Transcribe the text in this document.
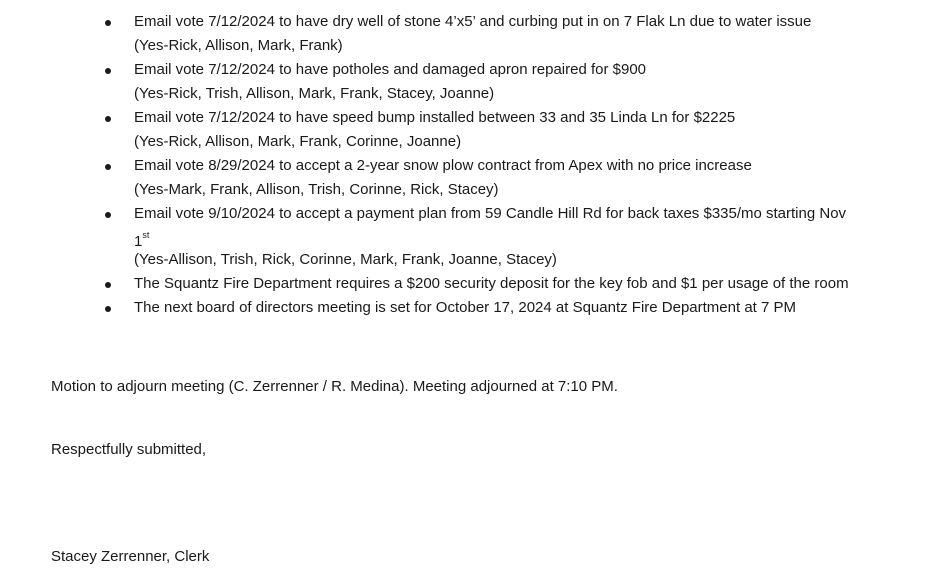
Email vote 7/12/2024 to have dry well of stone 4’x5’ and curbing put in on 7 Flak Ln due to water issue
(Yes-Rick, Allison, Mark, Frank)
Email vote 7/12/2024 to have potholes and damaged apron repaired for $900
(Yes-Rick, Trish, Allison, Mark, Frank, Stacey, Joanne)
Email vote 7/12/2024 to have speed bump installed between 33 and 35 Linda Ln for $2225
(Yes-Rick, Allison, Mark, Frank, Corinne, Joanne)
Email vote 8/29/2024 to accept a 2-year snow plow contract from Apex with no price increase
(Yes-Mark, Frank, Allison, Trish, Corinne, Rick, Stacey)
Email vote 9/10/2024 to accept a payment plan from 59 Candle Hill Rd for back taxes $335/mo starting Nov
1st
(Yes-Allison, Trish, Rick, Corinne, Mark, Frank, Joanne, Stacey)
The Squantz Fire Department requires a $200 security deposit for the key fob and $1 per usage of the room
The next board of directors meeting is set for October 17, 2024 at Squantz Fire Department at 7 PM
Motion to adjourn meeting (C. Zerrenner / R. Medina). Meeting adjourned at 7:10 PM.
Respectfully submitted,
Stacey Zerrenner, Clerk
